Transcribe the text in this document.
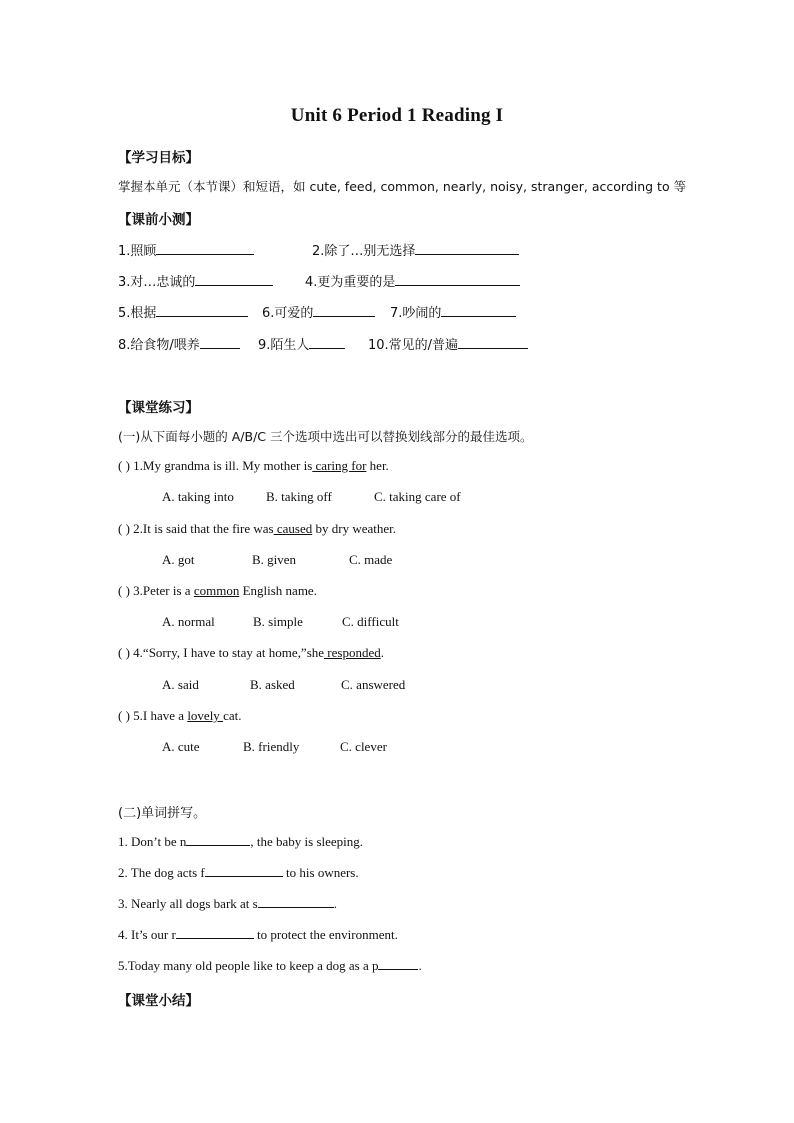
Unit 6 Period 1 Reading I
【学习目标】
掌握本单元（本节课）和短语，如 cute, feed, common, nearly, noisy, stranger, according to 等
【课前小测】
1.照顾	2.除了…别无选择
3.对…忠诚的	4.更为重要的是
5.根据	6.可爱的	7.吵闹的
8.给食物/喂养	9.陌生人	10.常见的/普遍
【课堂练习】
(一)从下面每小题的 A/B/C 三个选项中选出可以替换划线部分的最佳选项。
( ) 1.My grandma is ill. My mother is caring for her.
A. taking into B. taking off	C. taking care of
( ) 2.It is said that the fire was caused by dry weather.
A. got	B. given	C. made
( ) 3.Peter is a common English name.
A. normal	B. simple	C. difficult
( ) 4.“Sorry, I have to stay at home,”she responded.
A. said	B. asked	C. answered
( ) 5.I have a lovely cat.
A. cute	B. friendly	C. clever
(二)单词拼写。
1. Don’t be n	, the baby is sleeping.
2. The dog acts f	to his owners.
3. Nearly all dogs bark at s	.
4. It’s our r	to protect the environment.
5.Today many old people like to keep a dog as a p	.
【课堂小结】
